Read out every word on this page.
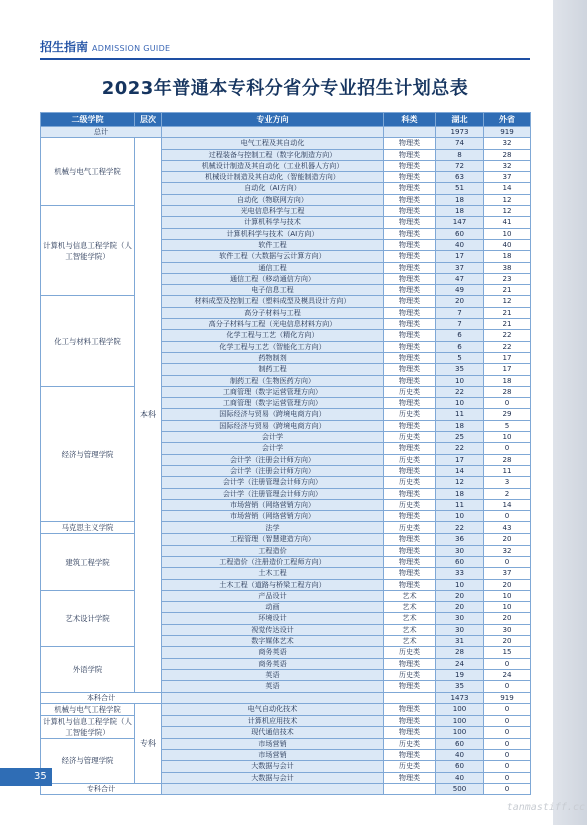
招生指南 ADMISSION GUIDE
2023年普通本专科分省分专业招生计划总表
二级学院	层次	专业方向	科类	湖北	外省
总计				1973	919
机械与电气工程学院	本科	电气工程及其自动化	物理类	74	32
		过程装备与控制工程（数字化制造方向）	物理类	8	28
		机械设计制造及其自动化（工业机器人方向）	物理类	72	32
		机械设计制造及其自动化（智能制造方向）	物理类	63	37
		自动化（AI方向）	物理类	51	14
		自动化（物联网方向）	物理类	18	12
计算机与信息工程学院（人工智能学院）		光电信息科学与工程	物理类	18	12
		计算机科学与技术	物理类	147	41
		计算机科学与技术（AI方向）	物理类	60	10
		软件工程	物理类	40	40
		软件工程（大数据与云计算方向）	物理类	17	18
		通信工程	物理类	37	38
		通信工程（移动通信方向）	物理类	47	23
		电子信息工程	物理类	49	21
化工与材料工程学院		材料成型及控制工程（塑料成型及模具设计方向）	物理类	20	12
		高分子材料与工程	物理类	7	21
		高分子材料与工程（光电信息材料方向）	物理类	7	21
		化学工程与工艺（精化方向）	物理类	6	22
		化学工程与工艺（智能化工方向）	物理类	6	22
		药物制剂	物理类	5	17
		制药工程	物理类	35	17
		制药工程（生物医药方向）	物理类	10	18
经济与管理学院		工商管理（数字运营管理方向）	历史类	22	28
		工商管理（数字运营管理方向）	物理类	10	0
		国际经济与贸易（跨境电商方向）	历史类	11	29
		国际经济与贸易（跨境电商方向）	物理类	18	5
		会计学	历史类	25	10
		会计学	物理类	22	0
		会计学（注册会计师方向）	历史类	17	28
		会计学（注册会计师方向）	物理类	14	11
		会计学（注册管理会计师方向）	历史类	12	3
		会计学（注册管理会计师方向）	物理类	18	2
		市场营销（网络营销方向）	历史类	11	14
		市场营销（网络营销方向）	物理类	10	0
马克思主义学院		法学	历史类	22	43
建筑工程学院		工程管理（智慧建造方向）	物理类	36	20
		工程造价	物理类	30	32
		工程造价（注册造价工程师方向）	物理类	60	0
		土木工程	物理类	33	37
		土木工程（道路与桥梁工程方向）	物理类	10	20
艺术设计学院		产品设计	艺术	20	10
		动画	艺术	20	10
		环境设计	艺术	30	20
		视觉传达设计	艺术	30	30
		数字媒体艺术	艺术	31	20
外语学院		商务英语	历史类	28	15
		商务英语	物理类	24	0
		英语	历史类	19	24
		英语	物理类	35	0
本科合计				1473	919
机械与电气工程学院	专科	电气自动化技术	物理类	100	0
计算机与信息工程学院（人工智能学院）		计算机应用技术	物理类	100	0
		现代通信技术	物理类	100	0
经济与管理学院		市场营销	历史类	60	0
		市场营销	物理类	40	0
		大数据与会计	历史类	60	0
		大数据与会计	物理类	40	0
专科合计				500	0
35
tanmastiff.cc
